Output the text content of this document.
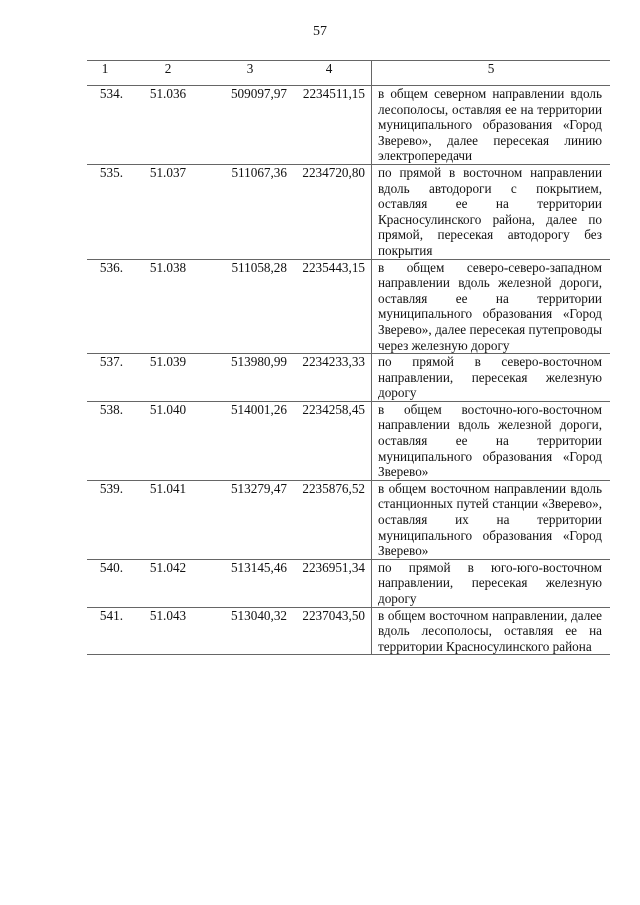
57
1	2	3	4	5
534.	51.036	509097,97	2234511,15	в общем северном направлении вдоль лесополосы, оставляя ее на территории муниципального образования «Город Зверево», далее пересекая линию электропередачи
535.	51.037	511067,36	2234720,80	по прямой в восточном направлении вдоль автодороги с покрытием, оставляя ее на территории Красносулинского района, далее по прямой, пересекая автодорогу без покрытия
536.	51.038	511058,28	2235443,15	в общем северо-северо-западном направлении вдоль железной дороги, оставляя ее на территории муниципального образования «Город Зверево», далее пересекая путепроводы через железную дорогу
537.	51.039	513980,99	2234233,33	по прямой в северо-восточном направлении, пересекая железную дорогу
538.	51.040	514001,26	2234258,45	в общем восточно-юго-восточном направлении вдоль железной дороги, оставляя ее на территории муниципального образования «Город Зверево»
539.	51.041	513279,47	2235876,52	в общем восточном направлении вдоль станционных путей станции «Зверево», оставляя их на территории муниципального образования «Город Зверево»
540.	51.042	513145,46	2236951,34	по прямой в юго-юго-восточном направлении, пересекая железную дорогу
541.	51.043	513040,32	2237043,50	в общем восточном направлении, далее вдоль лесополосы, оставляя ее на территории Красносулинского района
